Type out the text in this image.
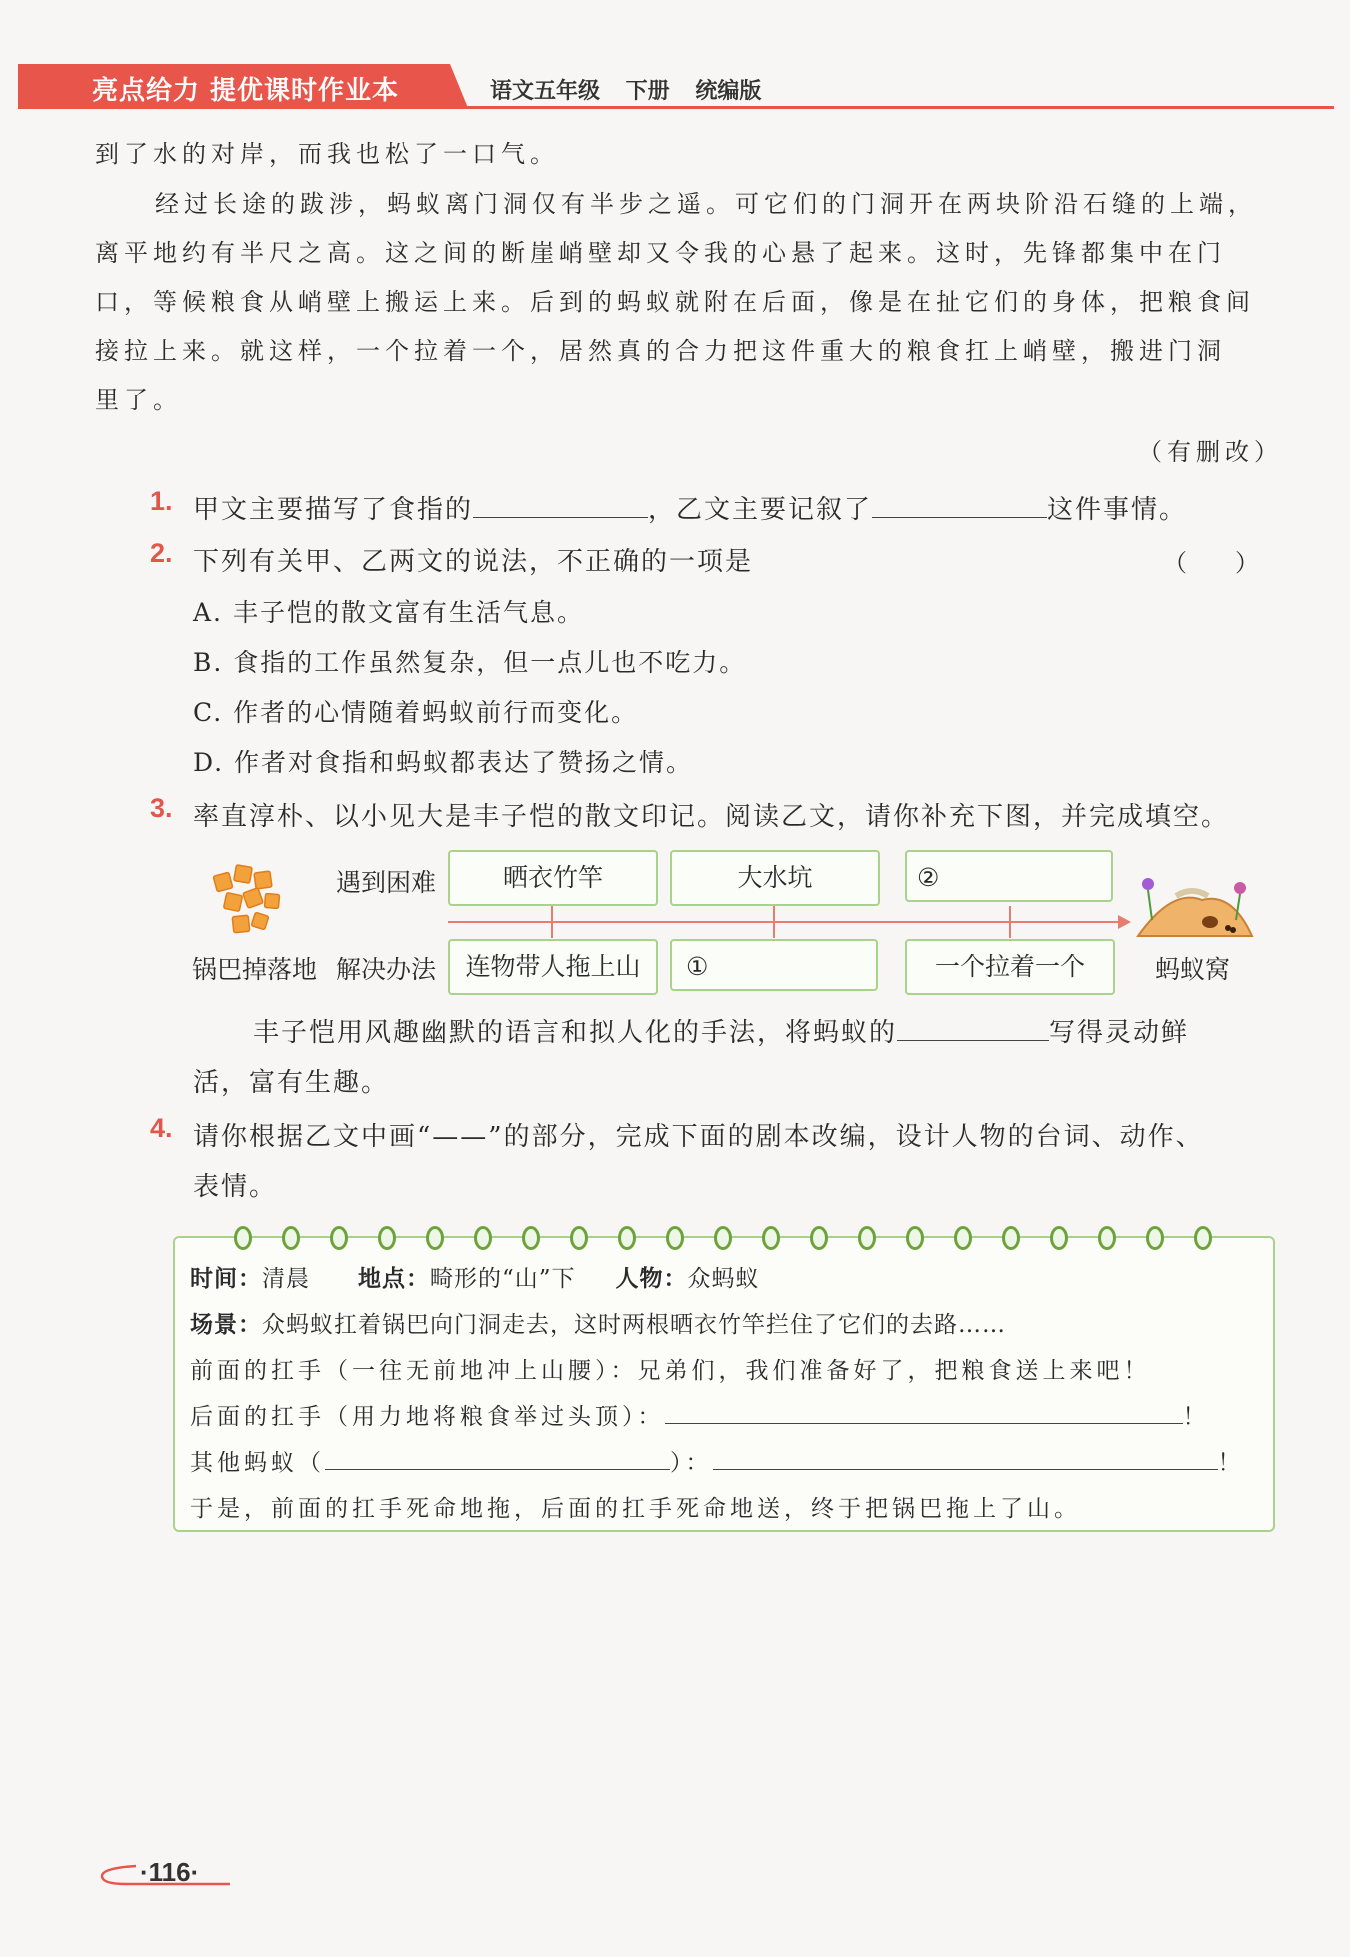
亮点给力 提优课时作业本	语文五年级 下册 统编版
到了水的对岸，而我也松了一口气。
经过长途的跋涉，蚂蚁离门洞仅有半步之遥。可它们的门洞开在两块阶沿石缝的上端，
离平地约有半尺之高。这之间的断崖峭壁却又令我的心悬了起来。这时，先锋都集中在门
口，等候粮食从峭壁上搬运上来。后到的蚂蚁就附在后面，像是在扯它们的身体，把粮食间
接拉上来。就这样，一个拉着一个，居然真的合力把这件重大的粮食扛上峭壁，搬进门洞
里了。
（有删改）
1. 甲文主要描写了食指的	，乙文主要记叙了	这件事情。
2. 下列有关甲、乙两文的说法，不正确的一项是	（　　）
A. 丰子恺的散文富有生活气息。
B. 食指的工作虽然复杂，但一点儿也不吃力。
C. 作者的心情随着蚂蚁前行而变化。
D. 作者对食指和蚂蚁都表达了赞扬之情。
3. 率直淳朴、以小见大是丰子恺的散文印记。阅读乙文，请你补充下图，并完成填空。
遇到困难
解决办法
锅巴掉落地
晒衣竹竿	大水坑	②
连物带人拖上山	①	一个拉着一个	蚂蚁窝
丰子恺用风趣幽默的语言和拟人化的手法，将蚂蚁的	写得灵动鲜
活，富有生趣。
4. 请你根据乙文中画“——”的部分，完成下面的剧本改编，设计人物的台词、动作、
表情。
时间：清晨 地点：畸形的“山”下 人物：众蚂蚁
场景：众蚂蚁扛着锅巴向门洞走去，这时两根晒衣竹竿拦住了它们的去路……
前面的扛手（一往无前地冲上山腰）：兄弟们，我们准备好了，把粮食送上来吧！
后面的扛手（用力地将粮食举过头顶）：	！
其他蚂蚁（	）：	！
于是，前面的扛手死命地拖，后面的扛手死命地送，终于把锅巴拖上了山。
·116·
